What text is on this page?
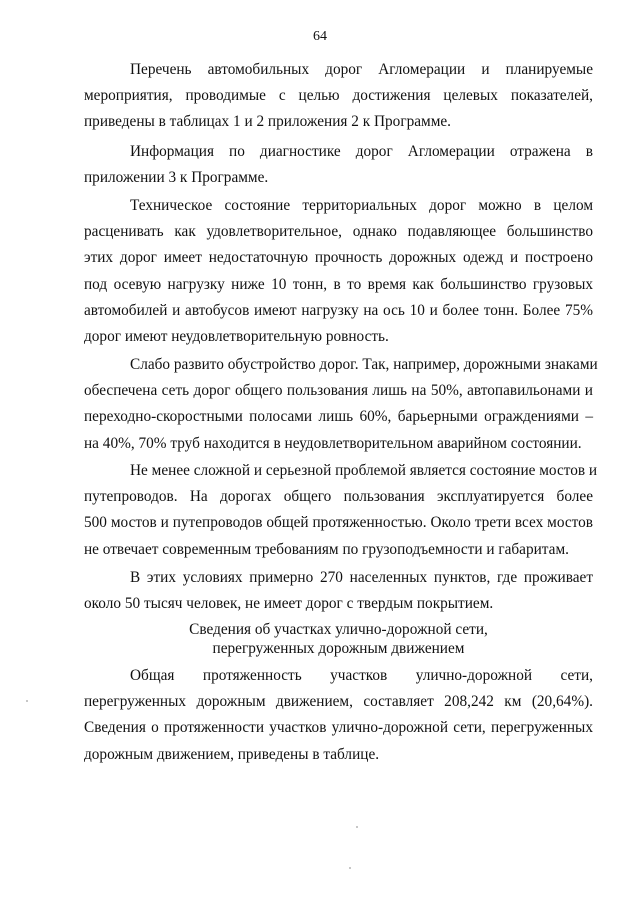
64
Перечень автомобильных дорог Агломерации и планируемые
мероприятия, проводимые с целью достижения целевых показателей,
приведены в таблицах 1 и 2 приложения 2 к Программе.
Информация по диагностике дорог Агломерации отражена в
приложении 3 к Программе.
Техническое состояние территориальных дорог можно в целом
расценивать как удовлетворительное, однако подавляющее большинство
этих дорог имеет недостаточную прочность дорожных одежд и построено
под осевую нагрузку ниже 10 тонн, в то время как большинство грузовых
автомобилей и автобусов имеют нагрузку на ось 10 и более тонн. Более 75%
дорог имеют неудовлетворительную ровность.
Слабо развито обустройство дорог. Так, например, дорожными знаками
обеспечена сеть дорог общего пользования лишь на 50%, автопавильонами и
переходно-скоростными полосами лишь 60%, барьерными ограждениями –
на 40%, 70% труб находится в неудовлетворительном аварийном состоянии.
Не менее сложной и серьезной проблемой является состояние мостов и
путепроводов. На дорогах общего пользования эксплуатируется более
500 мостов и путепроводов общей протяженностью. Около трети всех мостов
не отвечает современным требованиям по грузоподъемности и габаритам.
В этих условиях примерно 270 населенных пунктов, где проживает
около 50 тысяч человек, не имеет дорог с твердым покрытием.
Сведения об участках улично-дорожной сети,
перегруженных дорожным движением
Общая протяженность участков улично-дорожной сети,
перегруженных дорожным движением, составляет 208,242 км (20,64%).
Сведения о протяженности участков улично-дорожной сети, перегруженных
дорожным движением, приведены в таблице.
